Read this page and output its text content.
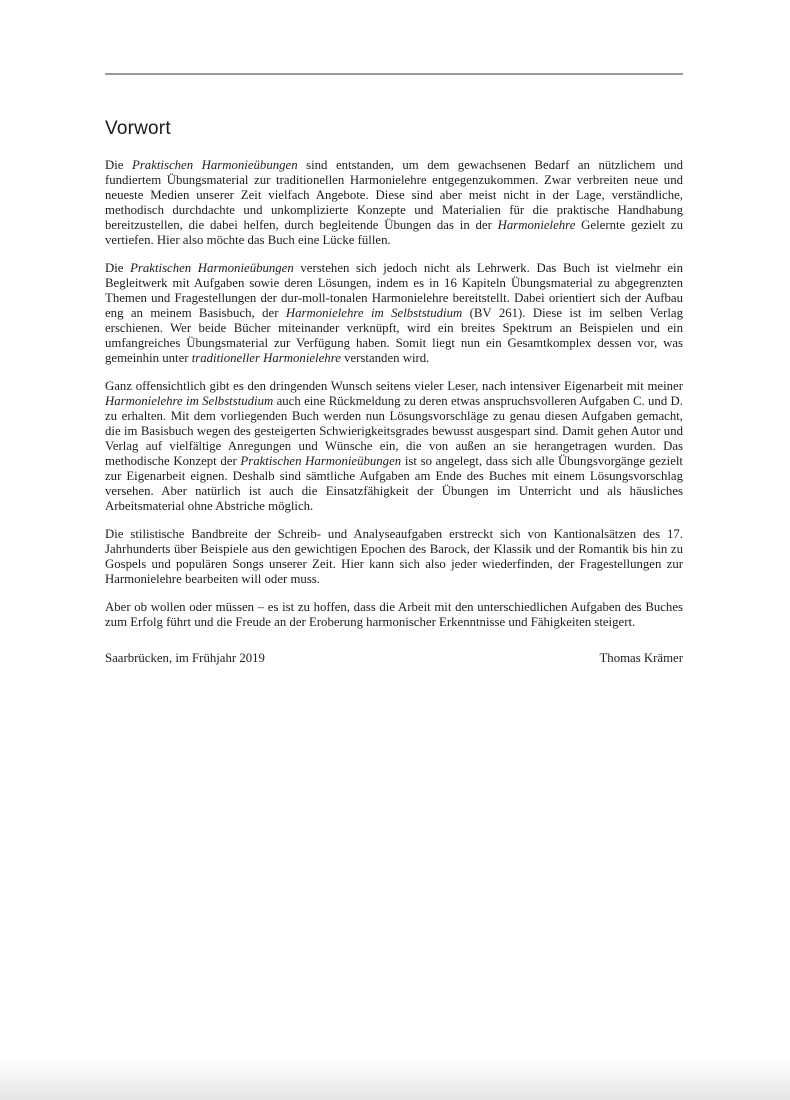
Vorwort

Die Praktischen Harmonieübungen sind entstanden, um dem gewachsenen Bedarf an nützlichem und fundiertem Übungsmaterial zur traditionellen Harmonielehre entgegenzukommen. Zwar verbreiten neue und neueste Medien unserer Zeit vielfach Angebote. Diese sind aber meist nicht in der Lage, verständliche, methodisch durchdachte und unkomplizierte Konzepte und Materialien für die praktische Handhabung bereitzustellen, die dabei helfen, durch begleitende Übungen das in der Harmonielehre Gelernte gezielt zu vertiefen. Hier also möchte das Buch eine Lücke füllen.

Die Praktischen Harmonieübungen verstehen sich jedoch nicht als Lehrwerk. Das Buch ist vielmehr ein Begleitwerk mit Aufgaben sowie deren Lösungen, indem es in 16 Kapiteln Übungsmaterial zu abgegrenzten Themen und Fragestellungen der dur-moll-tonalen Harmonielehre bereitstellt. Dabei orientiert sich der Aufbau eng an meinem Basisbuch, der Harmonielehre im Selbststudium (BV 261). Diese ist im selben Verlag erschienen. Wer beide Bücher miteinander verknüpft, wird ein breites Spektrum an Beispielen und ein umfangreiches Übungsmaterial zur Verfügung haben. Somit liegt nun ein Gesamtkomplex dessen vor, was gemeinhin unter traditioneller Harmonielehre verstanden wird.

Ganz offensichtlich gibt es den dringenden Wunsch seitens vieler Leser, nach intensiver Eigenarbeit mit meiner Harmonielehre im Selbststudium auch eine Rückmeldung zu deren etwas anspruchsvolleren Aufgaben C. und D. zu erhalten. Mit dem vorliegenden Buch werden nun Lösungsvorschläge zu genau diesen Aufgaben gemacht, die im Basisbuch wegen des gesteigerten Schwierigkeitsgrades bewusst ausgespart sind. Damit gehen Autor und Verlag auf vielfältige Anregungen und Wünsche ein, die von außen an sie herangetragen wurden. Das methodische Konzept der Praktischen Harmonieübungen ist so angelegt, dass sich alle Übungsvorgänge gezielt zur Eigenarbeit eignen. Deshalb sind sämtliche Aufgaben am Ende des Buches mit einem Lösungsvorschlag versehen. Aber natürlich ist auch die Einsatzfähigkeit der Übungen im Unterricht und als häusliches Arbeitsmaterial ohne Abstriche möglich.

Die stilistische Bandbreite der Schreib- und Analyseaufgaben erstreckt sich von Kantionalsätzen des 17. Jahrhunderts über Beispiele aus den gewichtigen Epochen des Barock, der Klassik und der Romantik bis hin zu Gospels und populären Songs unserer Zeit. Hier kann sich also jeder wiederfinden, der Fragestellungen zur Harmonielehre bearbeiten will oder muss.

Aber ob wollen oder müssen – es ist zu hoffen, dass die Arbeit mit den unterschiedlichen Aufgaben des Buches zum Erfolg führt und die Freude an der Eroberung harmonischer Erkenntnisse und Fähigkeiten steigert.

Saarbrücken, im Frühjahr 2019	Thomas Krämer
